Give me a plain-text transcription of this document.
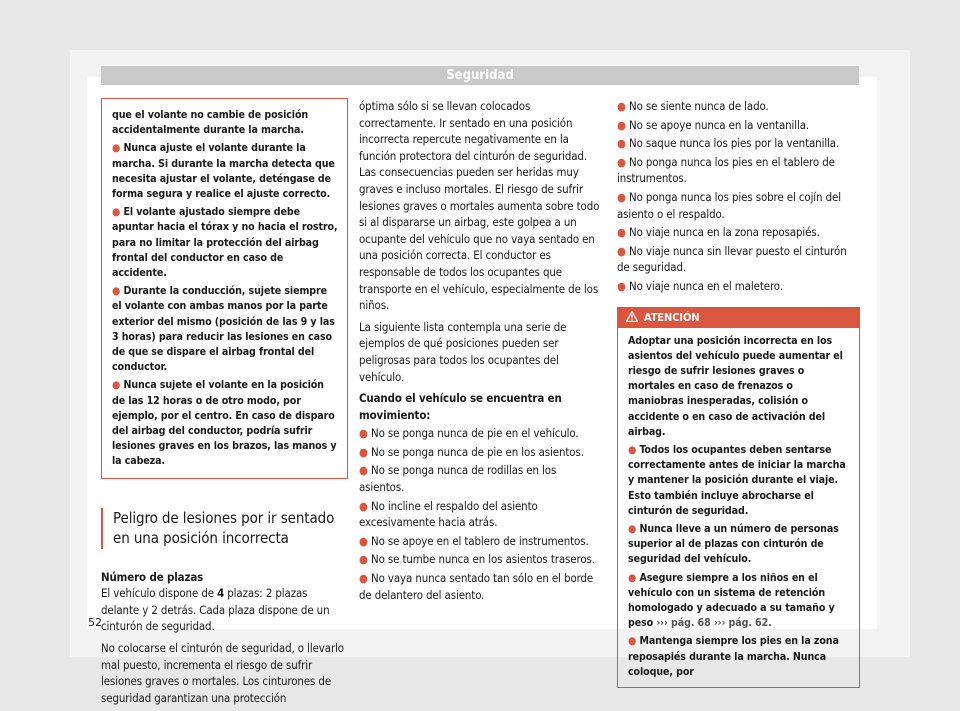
Seguridad

que el volante no cambie de posición accidentalmente durante la marcha.

● Nunca ajuste el volante durante la marcha. Si durante la marcha detecta que necesita ajustar el volante, deténgase de forma segura y realice el ajuste correcto.

● El volante ajustado siempre debe apuntar hacia el tórax y no hacia el rostro, para no limitar la protección del airbag frontal del conductor en caso de accidente.

● Durante la conducción, sujete siempre el volante con ambas manos por la parte exterior del mismo (posición de las 9 y las 3 horas) para reducir las lesiones en caso de que se dispare el airbag frontal del conductor.

● Nunca sujete el volante en la posición de las 12 horas o de otro modo, por ejemplo, por el centro. En caso de disparo del airbag del conductor, podría sufrir lesiones graves en los brazos, las manos y la cabeza.

Peligro de lesiones por ir sentado en una posición incorrecta

Número de plazas

El vehículo dispone de 4 plazas: 2 plazas delante y 2 detrás. Cada plaza dispone de un cinturón de seguridad.

No colocarse el cinturón de seguridad, o llevarlo mal puesto, incrementa el riesgo de sufrir lesiones graves o mortales. Los cinturones de seguridad garantizan una protección

óptima sólo si se llevan colocados correctamente. Ir sentado en una posición incorrecta repercute negativamente en la función protectora del cinturón de seguridad. Las consecuencias pueden ser heridas muy graves e incluso mortales. El riesgo de sufrir lesiones graves o mortales aumenta sobre todo si al dispararse un airbag, este golpea a un ocupante del vehículo que no vaya sentado en una posición correcta. El conductor es responsable de todos los ocupantes que transporte en el vehículo, especialmente de los niños.

La siguiente lista contempla una serie de ejemplos de qué posiciones pueden ser peligrosas para todos los ocupantes del vehículo.

Cuando el vehículo se encuentra en movimiento:

● No se ponga nunca de pie en el vehículo.

● No se ponga nunca de pie en los asientos.

● No se ponga nunca de rodillas en los asientos.

● No incline el respaldo del asiento excesivamente hacia atrás.

● No se apoye en el tablero de instrumentos.

● No se tumbe nunca en los asientos traseros.

● No vaya nunca sentado tan sólo en el borde de delantero del asiento.

● No se siente nunca de lado.

● No se apoye nunca en la ventanilla.

● No saque nunca los pies por la ventanilla.

● No ponga nunca los pies en el tablero de instrumentos.

● No ponga nunca los pies sobre el cojín del asiento o el respaldo.

● No viaje nunca en la zona reposapiés.

● No viaje nunca sin llevar puesto el cinturón de seguridad.

● No viaje nunca en el maletero.

ATENCIÓN

Adoptar una posición incorrecta en los asientos del vehículo puede aumentar el riesgo de sufrir lesiones graves o mortales en caso de frenazos o maniobras inesperadas, colisión o accidente o en caso de activación del airbag.

● Todos los ocupantes deben sentarse correctamente antes de iniciar la marcha y mantener la posición durante el viaje. Esto también incluye abrocharse el cinturón de seguridad.

● Nunca lleve a un número de personas superior al de plazas con cinturón de seguridad del vehículo.

● Asegure siempre a los niños en el vehículo con un sistema de retención homologado y adecuado a su tamaño y peso ››› pág. 68 ››› pág. 62.

● Mantenga siempre los pies en la zona reposapiés durante la marcha. Nunca coloque, por

52
